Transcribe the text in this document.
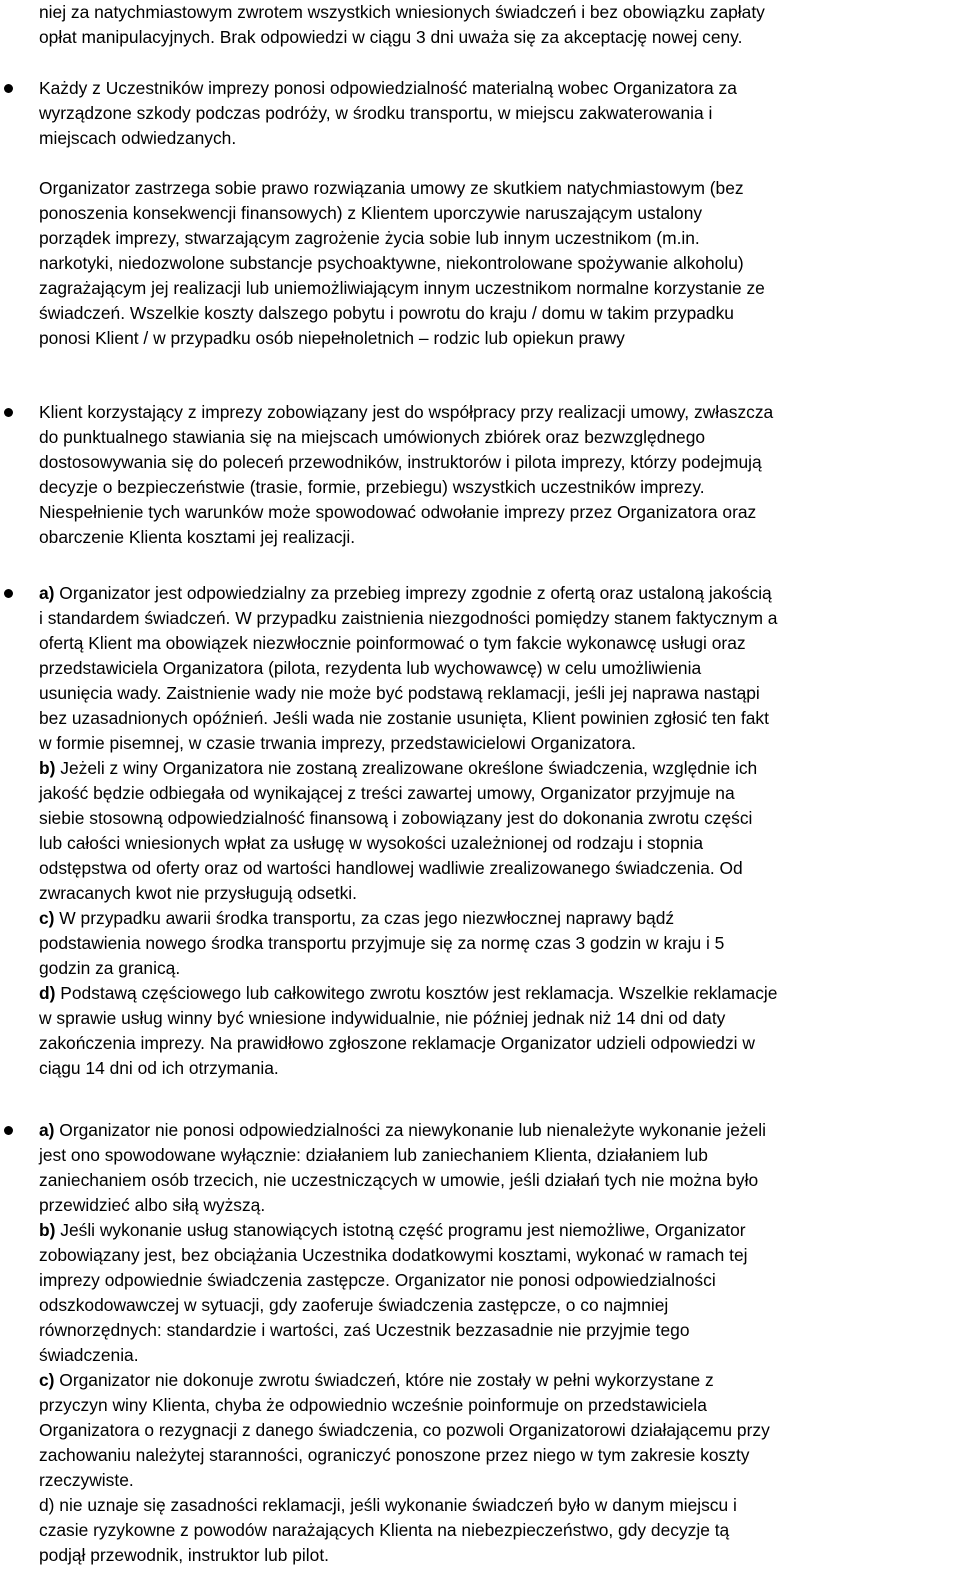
niej za natychmiastowym zwrotem wszystkich wniesionych świadczeń i bez obowiązku zapłaty

opłat manipulacyjnych. Brak odpowiedzi w ciągu 3 dni uważa się za akceptację nowej ceny.

Każdy z Uczestników imprezy ponosi odpowiedzialność materialną wobec Organizatora za

wyrządzone szkody podczas podróży, w środku transportu, w miejscu zakwaterowania i

miejscach odwiedzanych.

Organizator zastrzega sobie prawo rozwiązania umowy ze skutkiem natychmiastowym (bez

ponoszenia konsekwencji finansowych) z Klientem uporczywie naruszającym ustalony

porządek imprezy, stwarzającym zagrożenie życia sobie lub innym uczestnikom (m.in.

narkotyki, niedozwolone substancje psychoaktywne, niekontrolowane spożywanie alkoholu)

zagrażającym jej realizacji lub uniemożliwiającym innym uczestnikom normalne korzystanie ze

świadczeń. Wszelkie koszty dalszego pobytu i powrotu do kraju / domu w takim przypadku

ponosi Klient / w przypadku osób niepełnoletnich – rodzic lub opiekun prawy

Klient korzystający z imprezy zobowiązany jest do współpracy przy realizacji umowy, zwłaszcza

do punktualnego stawiania się na miejscach umówionych zbiórek oraz bezwzględnego

dostosowywania się do poleceń przewodników, instruktorów i pilota imprezy, którzy podejmują

decyzje o bezpieczeństwie (trasie, formie, przebiegu) wszystkich uczestników imprezy.

Niespełnienie tych warunków może spowodować odwołanie imprezy przez Organizatora oraz

obarczenie Klienta kosztami jej realizacji.

a) Organizator jest odpowiedzialny za przebieg imprezy zgodnie z ofertą oraz ustaloną jakością

i standardem świadczeń. W przypadku zaistnienia niezgodności pomiędzy stanem faktycznym a

ofertą Klient ma obowiązek niezwłocznie poinformować o tym fakcie wykonawcę usługi oraz

przedstawiciela Organizatora (pilota, rezydenta lub wychowawcę) w celu umożliwienia

usunięcia wady. Zaistnienie wady nie może być podstawą reklamacji, jeśli jej naprawa nastąpi

bez uzasadnionych opóźnień. Jeśli wada nie zostanie usunięta, Klient powinien zgłosić ten fakt

w formie pisemnej, w czasie trwania imprezy, przedstawicielowi Organizatora.

b) Jeżeli z winy Organizatora nie zostaną zrealizowane określone świadczenia, względnie ich

jakość będzie odbiegała od wynikającej z treści zawartej umowy, Organizator przyjmuje na

siebie stosowną odpowiedzialność finansową i zobowiązany jest do dokonania zwrotu części

lub całości wniesionych wpłat za usługę w wysokości uzależnionej od rodzaju i stopnia

odstępstwa od oferty oraz od wartości handlowej wadliwie zrealizowanego świadczenia. Od

zwracanych kwot nie przysługują odsetki.

c) W przypadku awarii środka transportu, za czas jego niezwłocznej naprawy bądź

podstawienia nowego środka transportu przyjmuje się za normę czas 3 godzin w kraju i 5

godzin za granicą.

d) Podstawą częściowego lub całkowitego zwrotu kosztów jest reklamacja. Wszelkie reklamacje

w sprawie usług winny być wniesione indywidualnie, nie później jednak niż 14 dni od daty

zakończenia imprezy. Na prawidłowo zgłoszone reklamacje Organizator udzieli odpowiedzi w

ciągu 14 dni od ich otrzymania.

a) Organizator nie ponosi odpowiedzialności za niewykonanie lub nienależyte wykonanie jeżeli

jest ono spowodowane wyłącznie: działaniem lub zaniechaniem Klienta, działaniem lub

zaniechaniem osób trzecich, nie uczestniczących w umowie, jeśli działań tych nie można było

przewidzieć albo siłą wyższą.

b) Jeśli wykonanie usług stanowiących istotną część programu jest niemożliwe, Organizator

zobowiązany jest, bez obciążania Uczestnika dodatkowymi kosztami, wykonać w ramach tej

imprezy odpowiednie świadczenia zastępcze. Organizator nie ponosi odpowiedzialności

odszkodowawczej w sytuacji, gdy zaoferuje świadczenia zastępcze, o co najmniej

równorzędnych: standardzie i wartości, zaś Uczestnik bezzasadnie nie przyjmie tego

świadczenia.

c) Organizator nie dokonuje zwrotu świadczeń, które nie zostały w pełni wykorzystane z

przyczyn winy Klienta, chyba że odpowiednio wcześnie poinformuje on przedstawiciela

Organizatora o rezygnacji z danego świadczenia, co pozwoli Organizatorowi działającemu przy

zachowaniu należytej staranności, ograniczyć ponoszone przez niego w tym zakresie koszty

rzeczywiste.

d) nie uznaje się zasadności reklamacji, jeśli wykonanie świadczeń było w danym miejscu i

czasie ryzykowne z powodów narażających Klienta na niebezpieczeństwo, gdy decyzje tą

podjął przewodnik, instruktor lub pilot.
